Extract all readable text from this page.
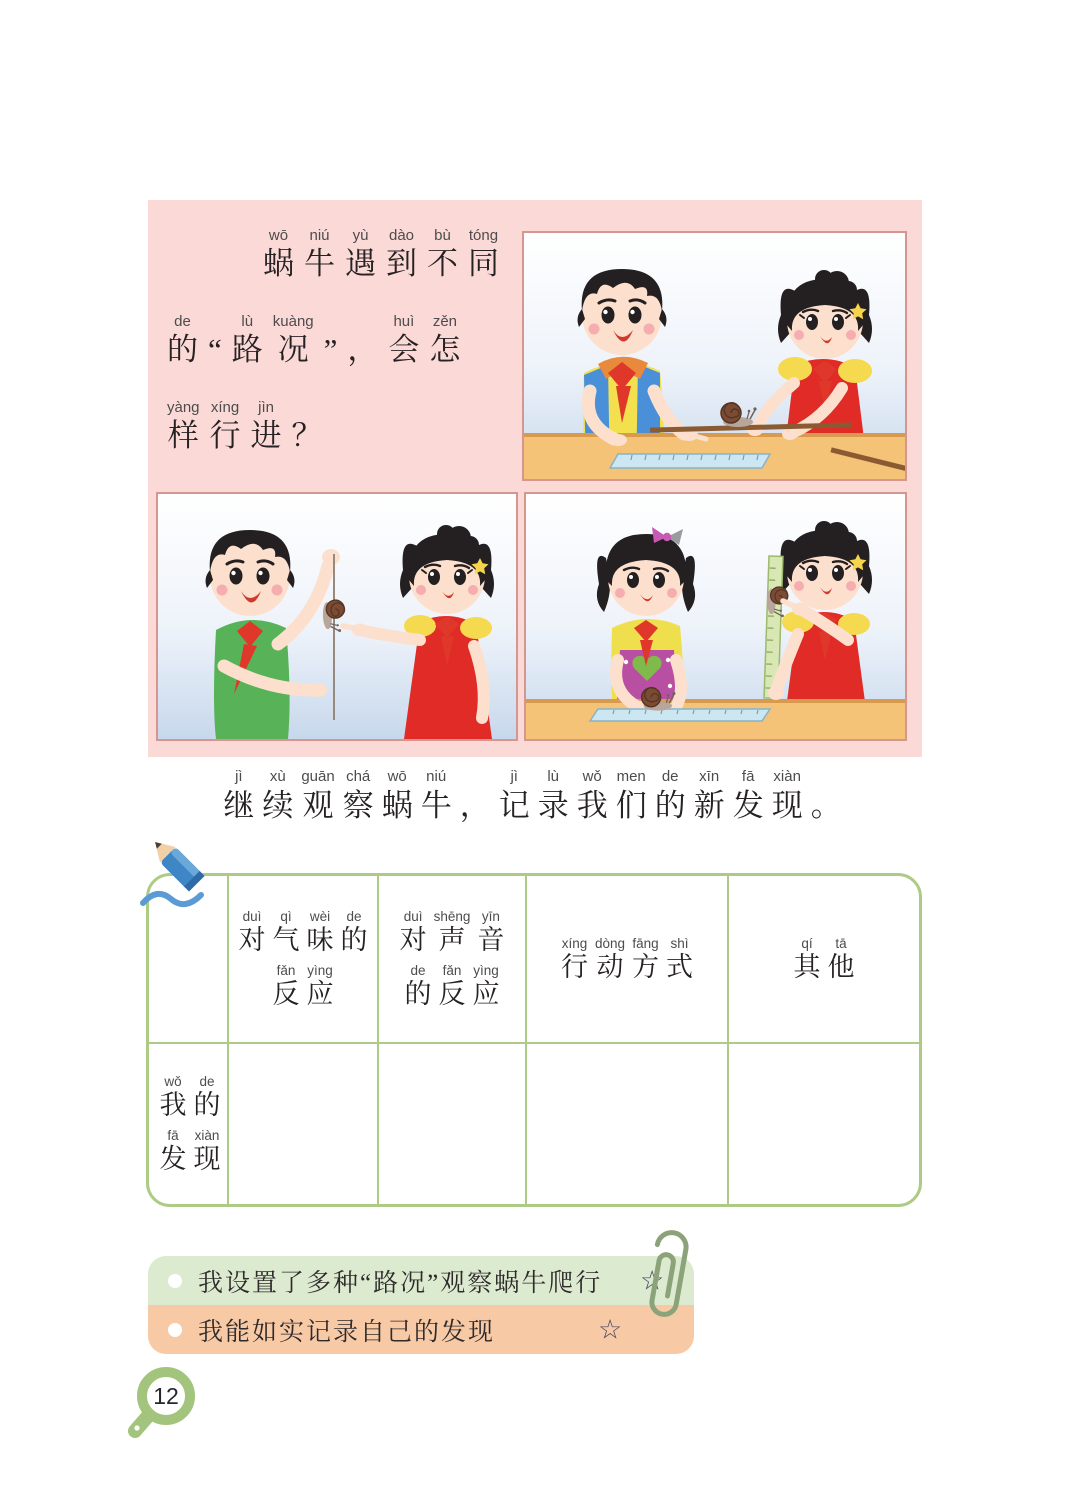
wō
蜗
niú
牛
yù
遇
dào
到
bù
不
tóng
同
de
的
“
lù
路
kuàng
况
”
，
huì
会
zěn
怎
yàng
样
xíng
行
jìn
进
？
jì
继
xù
续
guān
观
chá
察
wō
蜗
niú
牛
，
jì
记
lù
录
wǒ
我
men
们
de
的
xīn
新
fā
发
xiàn
现
。
duì
对
qì
气
wèi
味
de
的
fǎn
反
yìng
应
duì
对
shēng
声
yīn
音
de
的
fǎn
反
yìng
应
xíng
行
dòng
动
fāng
方
shì
式
qí
其
tā
他
wǒ
我
de
的
fā
发
xiàn
现
我设置了多种“路况”观察蜗牛爬行 ☆
我能如实记录自己的发现	☆
12
